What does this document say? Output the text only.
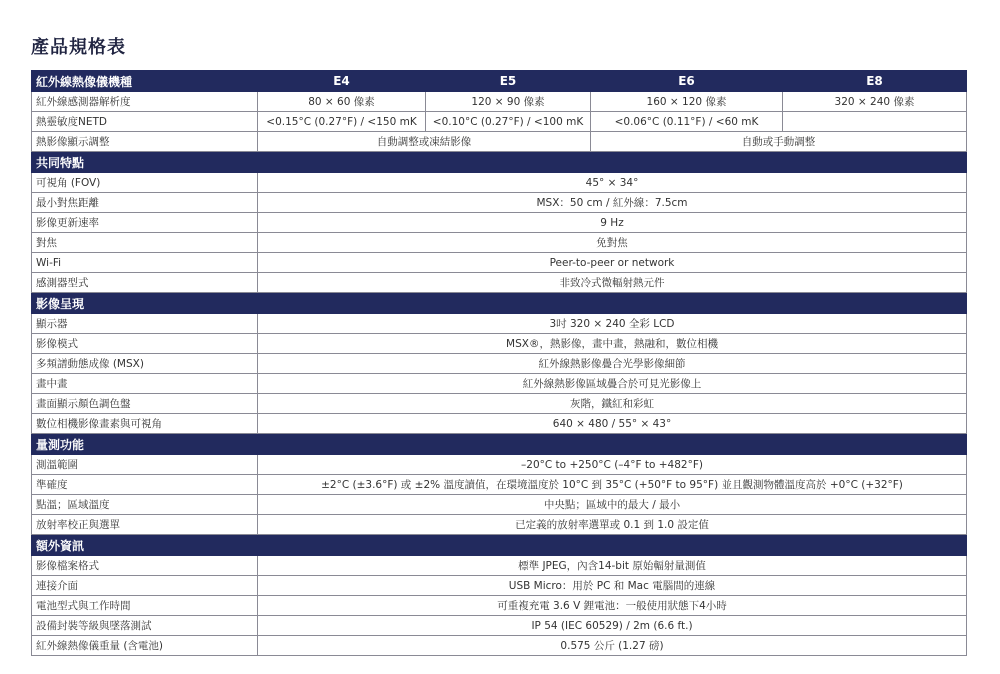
產品規格表
紅外線熱像儀機種	E4	E5	E6	E8
紅外線感測器解析度	80 × 60 像素	120 × 90 像素	160 × 120 像素	320 × 240 像素
熱靈敏度NETD	<0.15°C (0.27°F) / <150 mK	<0.10°C (0.27°F) / <100 mK	<0.06°C (0.11°F) / <60 mK	
熱影像顯示調整	自動調整或凍結影像		自動或手動調整	
共同特點				
可視角 (FOV)	45° × 34°			
最小對焦距離	MSX：50 cm / 紅外線：7.5cm			
影像更新速率	9 Hz			
對焦	免對焦			
Wi-Fi	Peer-to-peer or network			
感測器型式	非致冷式微輻射熱元件			
影像呈現				
顯示器	3吋 320 × 240 全彩 LCD			
影像模式	MSX®，熱影像，畫中畫，熱融和，數位相機			
多頻譜動態成像 (MSX)	紅外線熱影像疊合光學影像細節			
畫中畫	紅外線熱影像區域疊合於可見光影像上			
畫面顯示顏色調色盤	灰階，鐵紅和彩虹			
數位相機影像畫素與可視角	640 × 480 / 55° × 43°			
量測功能				
測溫範圍	–20°C to +250°C (–4°F to +482°F)			
準確度	±2°C (±3.6°F) 或 ±2% 溫度讀值，在環境溫度於 10°C 到 35°C (+50°F to 95°F) 並且觀測物體溫度高於 +0°C (+32°F)			
點溫；區域溫度	中央點；區域中的最大 / 最小			
放射率校正與選單	已定義的放射率選單或 0.1 到 1.0 設定值			
額外資訊				
影像檔案格式	標準 JPEG，內含14-bit 原始輻射量測值			
連接介面	USB Micro：用於 PC 和 Mac 電腦間的連線			
電池型式與工作時間	可重複充電 3.6 V 鋰電池：一般使用狀態下4小時			
設備封裝等級與墜落測試	IP 54 (IEC 60529) / 2m (6.6 ft.)			
紅外線熱像儀重量 (含電池)	0.575 公斤 (1.27 磅)			
